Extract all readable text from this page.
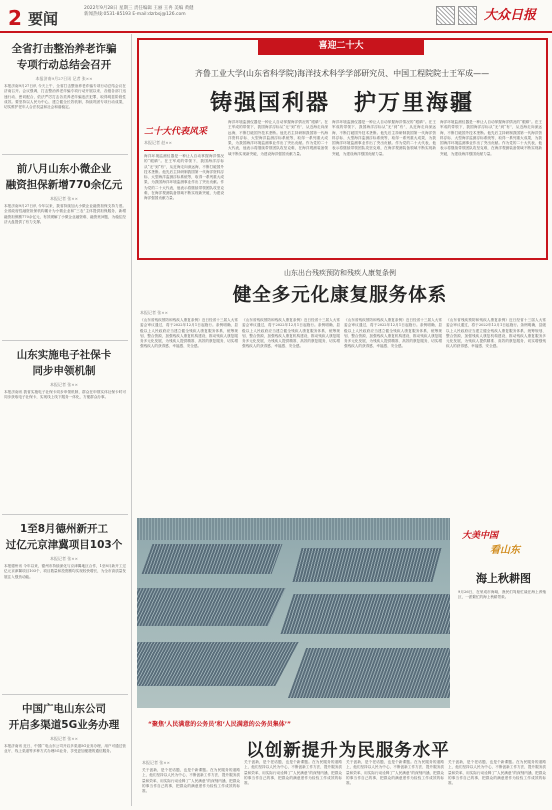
2 要闻
2022年9月28日 星期三 责任编辑 王丽 王冉 美编 黄健
新闻热线:0531-85193 E-mail:dzrbsj@126.com	大众日报
全省打击整治养老诈骗
专项行动总结会召开
本报济南9月27日讯 记者 张××
本报济南9月27日讯 今天上午，全省打击整治养老诈骗专项行动总结会议在济南召开。会议强调，打击整治养老诈骗专项行动开展以来，各级各部门迅速行动、密切配合，依法严厉打击各类养老诈骗违法犯罪，取得明显阶段性成效。要坚持以人民为中心，建立健全长效机制，持续巩固专项行动成果，切实维护老年人合法权益和社会和谐稳定。
前八月山东小微企业
融资担保新增770余亿元
本报记者 张××
本报济南9月27日讯 今年以来，我省持续加大小微企业融资担保支持力度。全省政府性融资担保机构累计为小微企业和“三农”主体提供担保服务，新增融资担保额770余亿元，有效缓解了小微企业融资难、融资贵问题，为稳住经济大盘提供了有力支撑。
山东实施电子社保卡
同步申领机制
本报记者 张××
本报济南讯 我省实施电子社保卡同步申领机制，群众在申领实体社保卡时可同步获取电子社保卡，实现线上线下服务一体化，方便群众办事。
1至8月德州新开工
过亿元京津冀项目103个
本报记者 张××
本报德州讯 今年以来，德州市持续深化与京津冀地区合作，1至8月新开工过亿元京津冀项目103个，项目数量和投资额均实现较快增长，为全市高质量发展注入强劲动能。
中国广电山东公司
开启多渠道5G业务办理
本报记者 张××
本报济南讯 近日，中国广电山东公司开启多渠道5G业务办理，用户可通过营业厅、线上渠道等多种方式办理5G业务，享受更加便捷的通信服务。
喜迎二十大
齐鲁工业大学(山东省科学院)海洋技术科学学部研究员、中国工程院院士王军成——
铸强国利器　护万里海疆
二十大代表风采
本报记者 赵××
海洋环境监测仪器是一种让人自动掌握海洋情况的“眼睛”。在王军成的带领下，我国海洋浮标从“无”到“有”，从近海走向深远海，不断打破国外技术垄断。他先后主持研制我国第一代海洋资料浮标、大型海洋监测浮标系统等，取得一系列重大成果，为我国海洋环境监测事业作出了突出贡献。作为党的二十大代表，他表示将继续带领团队攻坚克难，在海洋观测装备领域不断实现新突破，为建设海洋强国贡献力量。
海洋环境监测仪器是一种让人自动掌握海洋情况的“眼睛”。在王军成的带领下，我国海洋浮标从“无”到“有”，从近海走向深远海，不断打破国外技术垄断。他先后主持研制我国第一代海洋资料浮标、大型海洋监测浮标系统等，取得一系列重大成果，为我国海洋环境监测事业作出了突出贡献。作为党的二十大代表，他表示将继续带领团队攻坚克难，在海洋观测装备领域不断实现新突破，为建设海洋强国贡献力量。
海洋环境监测仪器是一种让人自动掌握海洋情况的“眼睛”。在王军成的带领下，我国海洋浮标从“无”到“有”，从近海走向深远海，不断打破国外技术垄断。他先后主持研制我国第一代海洋资料浮标、大型海洋监测浮标系统等，取得一系列重大成果，为我国海洋环境监测事业作出了突出贡献。作为党的二十大代表，他表示将继续带领团队攻坚克难，在海洋观测装备领域不断实现新突破，为建设海洋强国贡献力量。
海洋环境监测仪器是一种让人自动掌握海洋情况的“眼睛”。在王军成的带领下，我国海洋浮标从“无”到“有”，从近海走向深远海，不断打破国外技术垄断。他先后主持研制我国第一代海洋资料浮标、大型海洋监测浮标系统等，取得一系列重大成果，为我国海洋环境监测事业作出了突出贡献。作为党的二十大代表，他表示将继续带领团队攻坚克难，在海洋观测装备领域不断实现新突破，为建设海洋强国贡献力量。
山东出台残疾预防和残疾人康复条例
健全多元化康复服务体系
本报记者 张××
《山东省残疾预防和残疾人康复条例》近日经省十三届人大常委会审议通过，将于2022年12月1日起施行。条例明确，县级以上人民政府应当建立健全残疾人康复服务体系，统筹规划、整合资源，加强残疾人康复机构建设，推动残疾人康复服务多元化发展，为残疾人提供精准、高效的康复服务，切实增强残疾人的获得感、幸福感、安全感。
《山东省残疾预防和残疾人康复条例》近日经省十三届人大常委会审议通过，将于2022年12月1日起施行。条例明确，县级以上人民政府应当建立健全残疾人康复服务体系，统筹规划、整合资源，加强残疾人康复机构建设，推动残疾人康复服务多元化发展，为残疾人提供精准、高效的康复服务，切实增强残疾人的获得感、幸福感、安全感。
《山东省残疾预防和残疾人康复条例》近日经省十三届人大常委会审议通过，将于2022年12月1日起施行。条例明确，县级以上人民政府应当建立健全残疾人康复服务体系，统筹规划、整合资源，加强残疾人康复机构建设，推动残疾人康复服务多元化发展，为残疾人提供精准、高效的康复服务，切实增强残疾人的获得感、幸福感、安全感。
《山东省残疾预防和残疾人康复条例》近日经省十三届人大常委会审议通过，将于2022年12月1日起施行。条例明确，县级以上人民政府应当建立健全残疾人康复服务体系，统筹规划、整合资源，加强残疾人康复机构建设，推动残疾人康复服务多元化发展，为残疾人提供精准、高效的康复服务，切实增强残疾人的获得感、幸福感、安全感。
大美中国
看山东
海上秋耕图
9月26日，在荣成市海域，渔民们驾船忙碌在海上养殖区，一派繁忙的海上秋耕景象。
“聚焦‘人民满意的公务员’和‘人民满意的公务员集体’”
以创新提升为民服务水平
本报记者 张××
关于创新，是个老话题，也是个新课题。在为民服务的道路上，他们坚持以人民为中心，不断创新工作方法，提升服务质量和效率，用实际行动诠释了“人民满意”的深刻内涵，把群众的事当作自己的事，把群众的满意度作为检验工作成效的标准。
关于创新，是个老话题，也是个新课题。在为民服务的道路上，他们坚持以人民为中心，不断创新工作方法，提升服务质量和效率，用实际行动诠释了“人民满意”的深刻内涵，把群众的事当作自己的事，把群众的满意度作为检验工作成效的标准。
关于创新，是个老话题，也是个新课题。在为民服务的道路上，他们坚持以人民为中心，不断创新工作方法，提升服务质量和效率，用实际行动诠释了“人民满意”的深刻内涵，把群众的事当作自己的事，把群众的满意度作为检验工作成效的标准。
关于创新，是个老话题，也是个新课题。在为民服务的道路上，他们坚持以人民为中心，不断创新工作方法，提升服务质量和效率，用实际行动诠释了“人民满意”的深刻内涵，把群众的事当作自己的事，把群众的满意度作为检验工作成效的标准。
